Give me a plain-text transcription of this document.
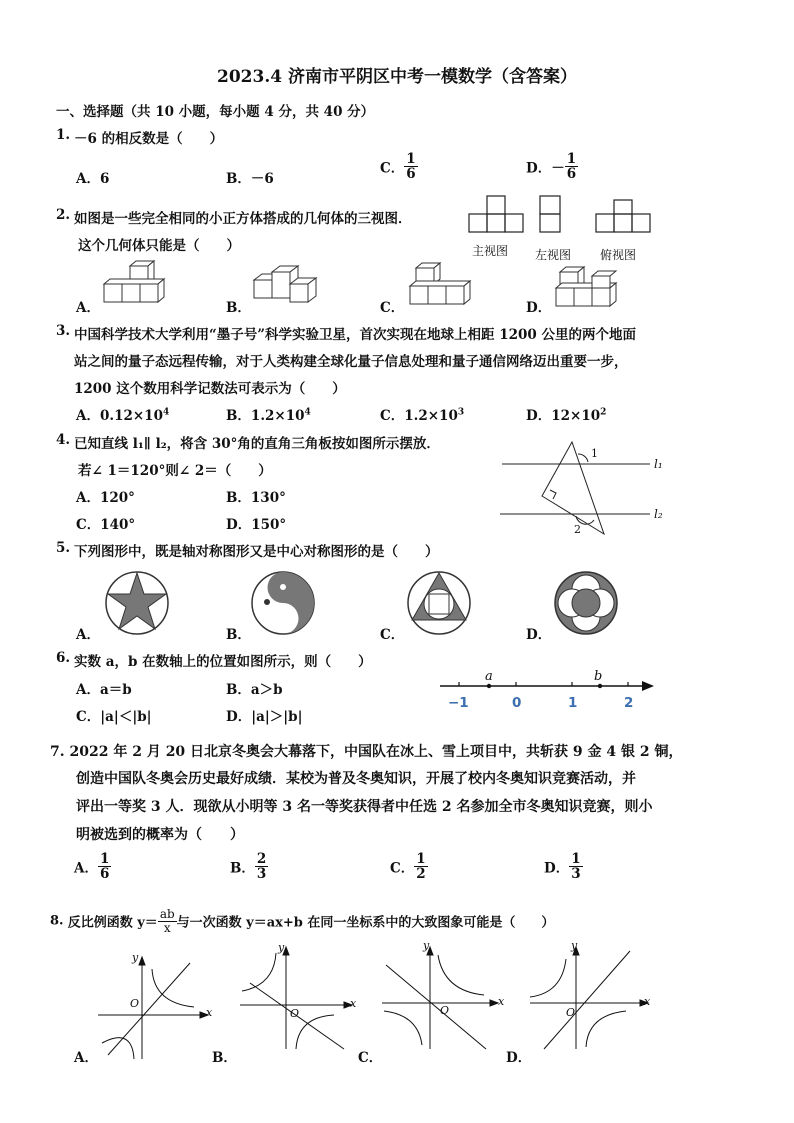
2023.4 济南市平阴区中考一模数学（含答案）
一、选择题（共 10 小题，每小题 4 分，共 40 分）
1. －6 的相反数是（　　）
A．6	B．－6
C． $\frac{1}{6}$	D．－ $\frac{1}{6}$
2. 如图是一些完全相同的小正方体搭成的几何体的三视图．
这个几何体只能是（　　）	主视图 左视图 俯视图
A．	B．	C．	D．
3. 中国科学技术大学利用“墨子号”科学实验卫星，首次实现在地球上相距 1200 公里的两个地面
站之间的量子态远程传输，对于人类构建全球化量子信息处理和量子通信网络迈出重要一步，
1200 这个数用科学记数法可表示为（　　）
A．$0.12\times 10^4$	B．$1.2\times 10^4$	C．$1.2\times 10^3$	D．$12\times 10^2$
4. 已知直线 l₁∥ l₂，将含 30°角的直角三角板按如图所示摆放．
若∠ 1＝120°则∠ 2＝（　　）
A．120°	B．130°
C．140°	D．150°
1
2
l₁
l₂
5. 下列图形中，既是轴对称图形又是中心对称图形的是（　　）
A．	B．	C．	D．
6. 实数 a，b 在数轴上的位置如图所示，则（　　）
A．a＝b	B．a＞b
C．|a|＜|b|	D．|a|＞|b|
a	b
−1	0	1	2
7. 2022 年 2 月 20 日北京冬奥会大幕落下，中国队在冰上、雪上项目中，共斩获 9 金 4 银 2 铜，
创造中国队冬奥会历史最好成绩．某校为普及冬奥知识，开展了校内冬奥知识竞赛活动，并
评出一等奖 3 人．现欲从小明等 3 名一等奖获得者中任选 2 名参加全市冬奥知识竞赛，则小
明被选到的概率为（　　）
A． $\frac{1}{6}$	B． $\frac{2}{3}$	C． $\frac{1}{2}$	D． $\frac{1}{3}$
8. 反比例函数 $y= \frac{ab}{x}$ 与一次函数 y＝ax+b 在同一坐标系中的大致图象可能是（　　）
y
x
O
y
x
O
y
x
O
y
x
O
A．	B．	C．	D．
